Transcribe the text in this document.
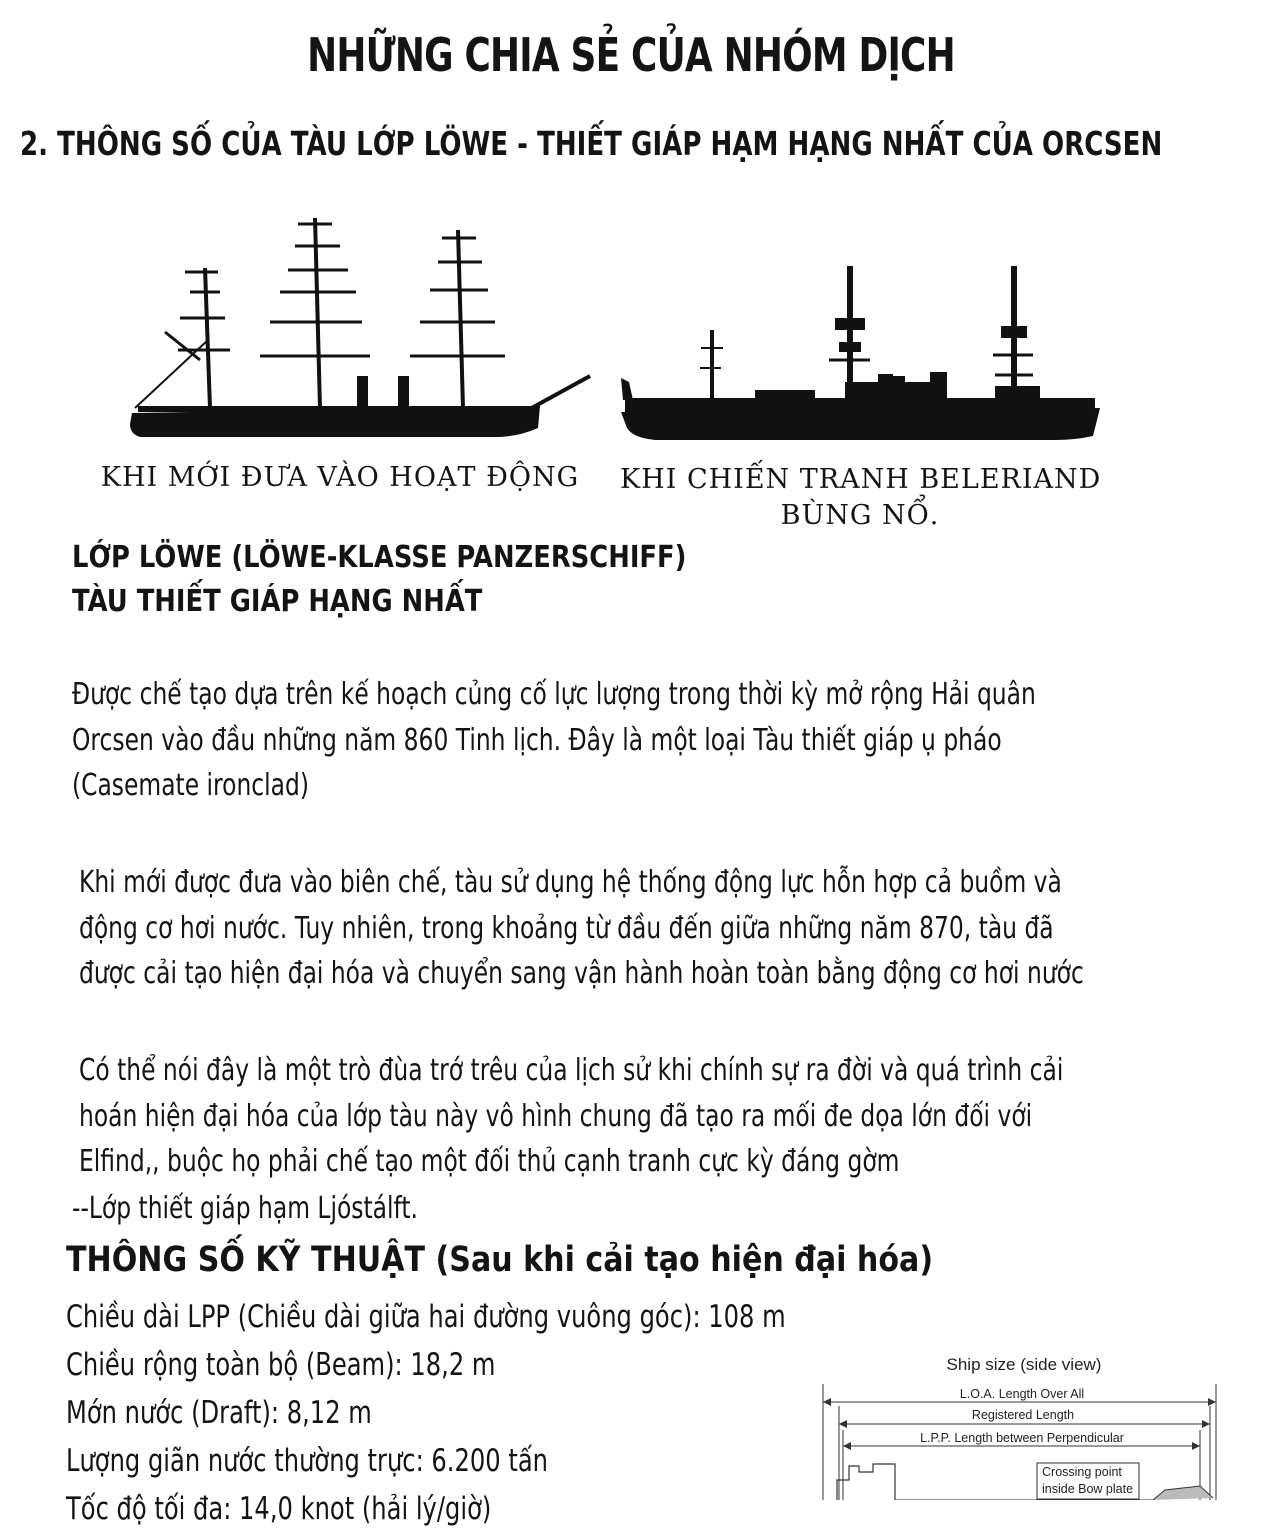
NHỮNG CHIA SẺ CỦA NHÓM DỊCH
2. THÔNG SỐ CỦA TÀU LỚP LÖWE - THIẾT GIÁP HẠM HẠNG NHẤT CỦA ORCSEN
KHI MỚI ĐƯA VÀO HOẠT ĐỘNG KHI CHIẾN TRANH BELERIAND
BÙNG NỔ.
LỚP LÖWE (LÖWE-KLASSE PANZERSCHIFF)
TÀU THIẾT GIÁP HẠNG NHẤT
Được chế tạo dựa trên kế hoạch củng cố lực lượng trong thời kỳ mở rộng Hải quân
Orcsen vào đầu những năm 860 Tinh lịch. Đây là một loại Tàu thiết giáp ụ pháo
(Casemate ironclad)
Khi mới được đưa vào biên chế, tàu sử dụng hệ thống động lực hỗn hợp cả buồm và
động cơ hơi nước. Tuy nhiên, trong khoảng từ đầu đến giữa những năm 870, tàu đã
được cải tạo hiện đại hóa và chuyển sang vận hành hoàn toàn bằng động cơ hơi nước
Có thể nói đây là một trò đùa trớ trêu của lịch sử khi chính sự ra đời và quá trình cải
hoán hiện đại hóa của lớp tàu này vô hình chung đã tạo ra mối đe dọa lớn đối với
Elfind,, buộc họ phải chế tạo một đối thủ cạnh tranh cực kỳ đáng gờm
--Lớp thiết giáp hạm Ljóstálft.
THÔNG SỐ KỸ THUẬT (Sau khi cải tạo hiện đại hóa)
Chiều dài LPP (Chiều dài giữa hai đường vuông góc): 108 m
Chiều rộng toàn bộ (Beam): 18,2 m
Mớn nước (Draft): 8,12 m
Lượng giãn nước thường trực: 6.200 tấn
Tốc độ tối đa: 14,0 knot (hải lý/giờ)
Ship size (side view)
L.O.A. Length Over All
Registered Length
L.P.P. Length between Perpendicular
Crossing point
inside Bow plate
